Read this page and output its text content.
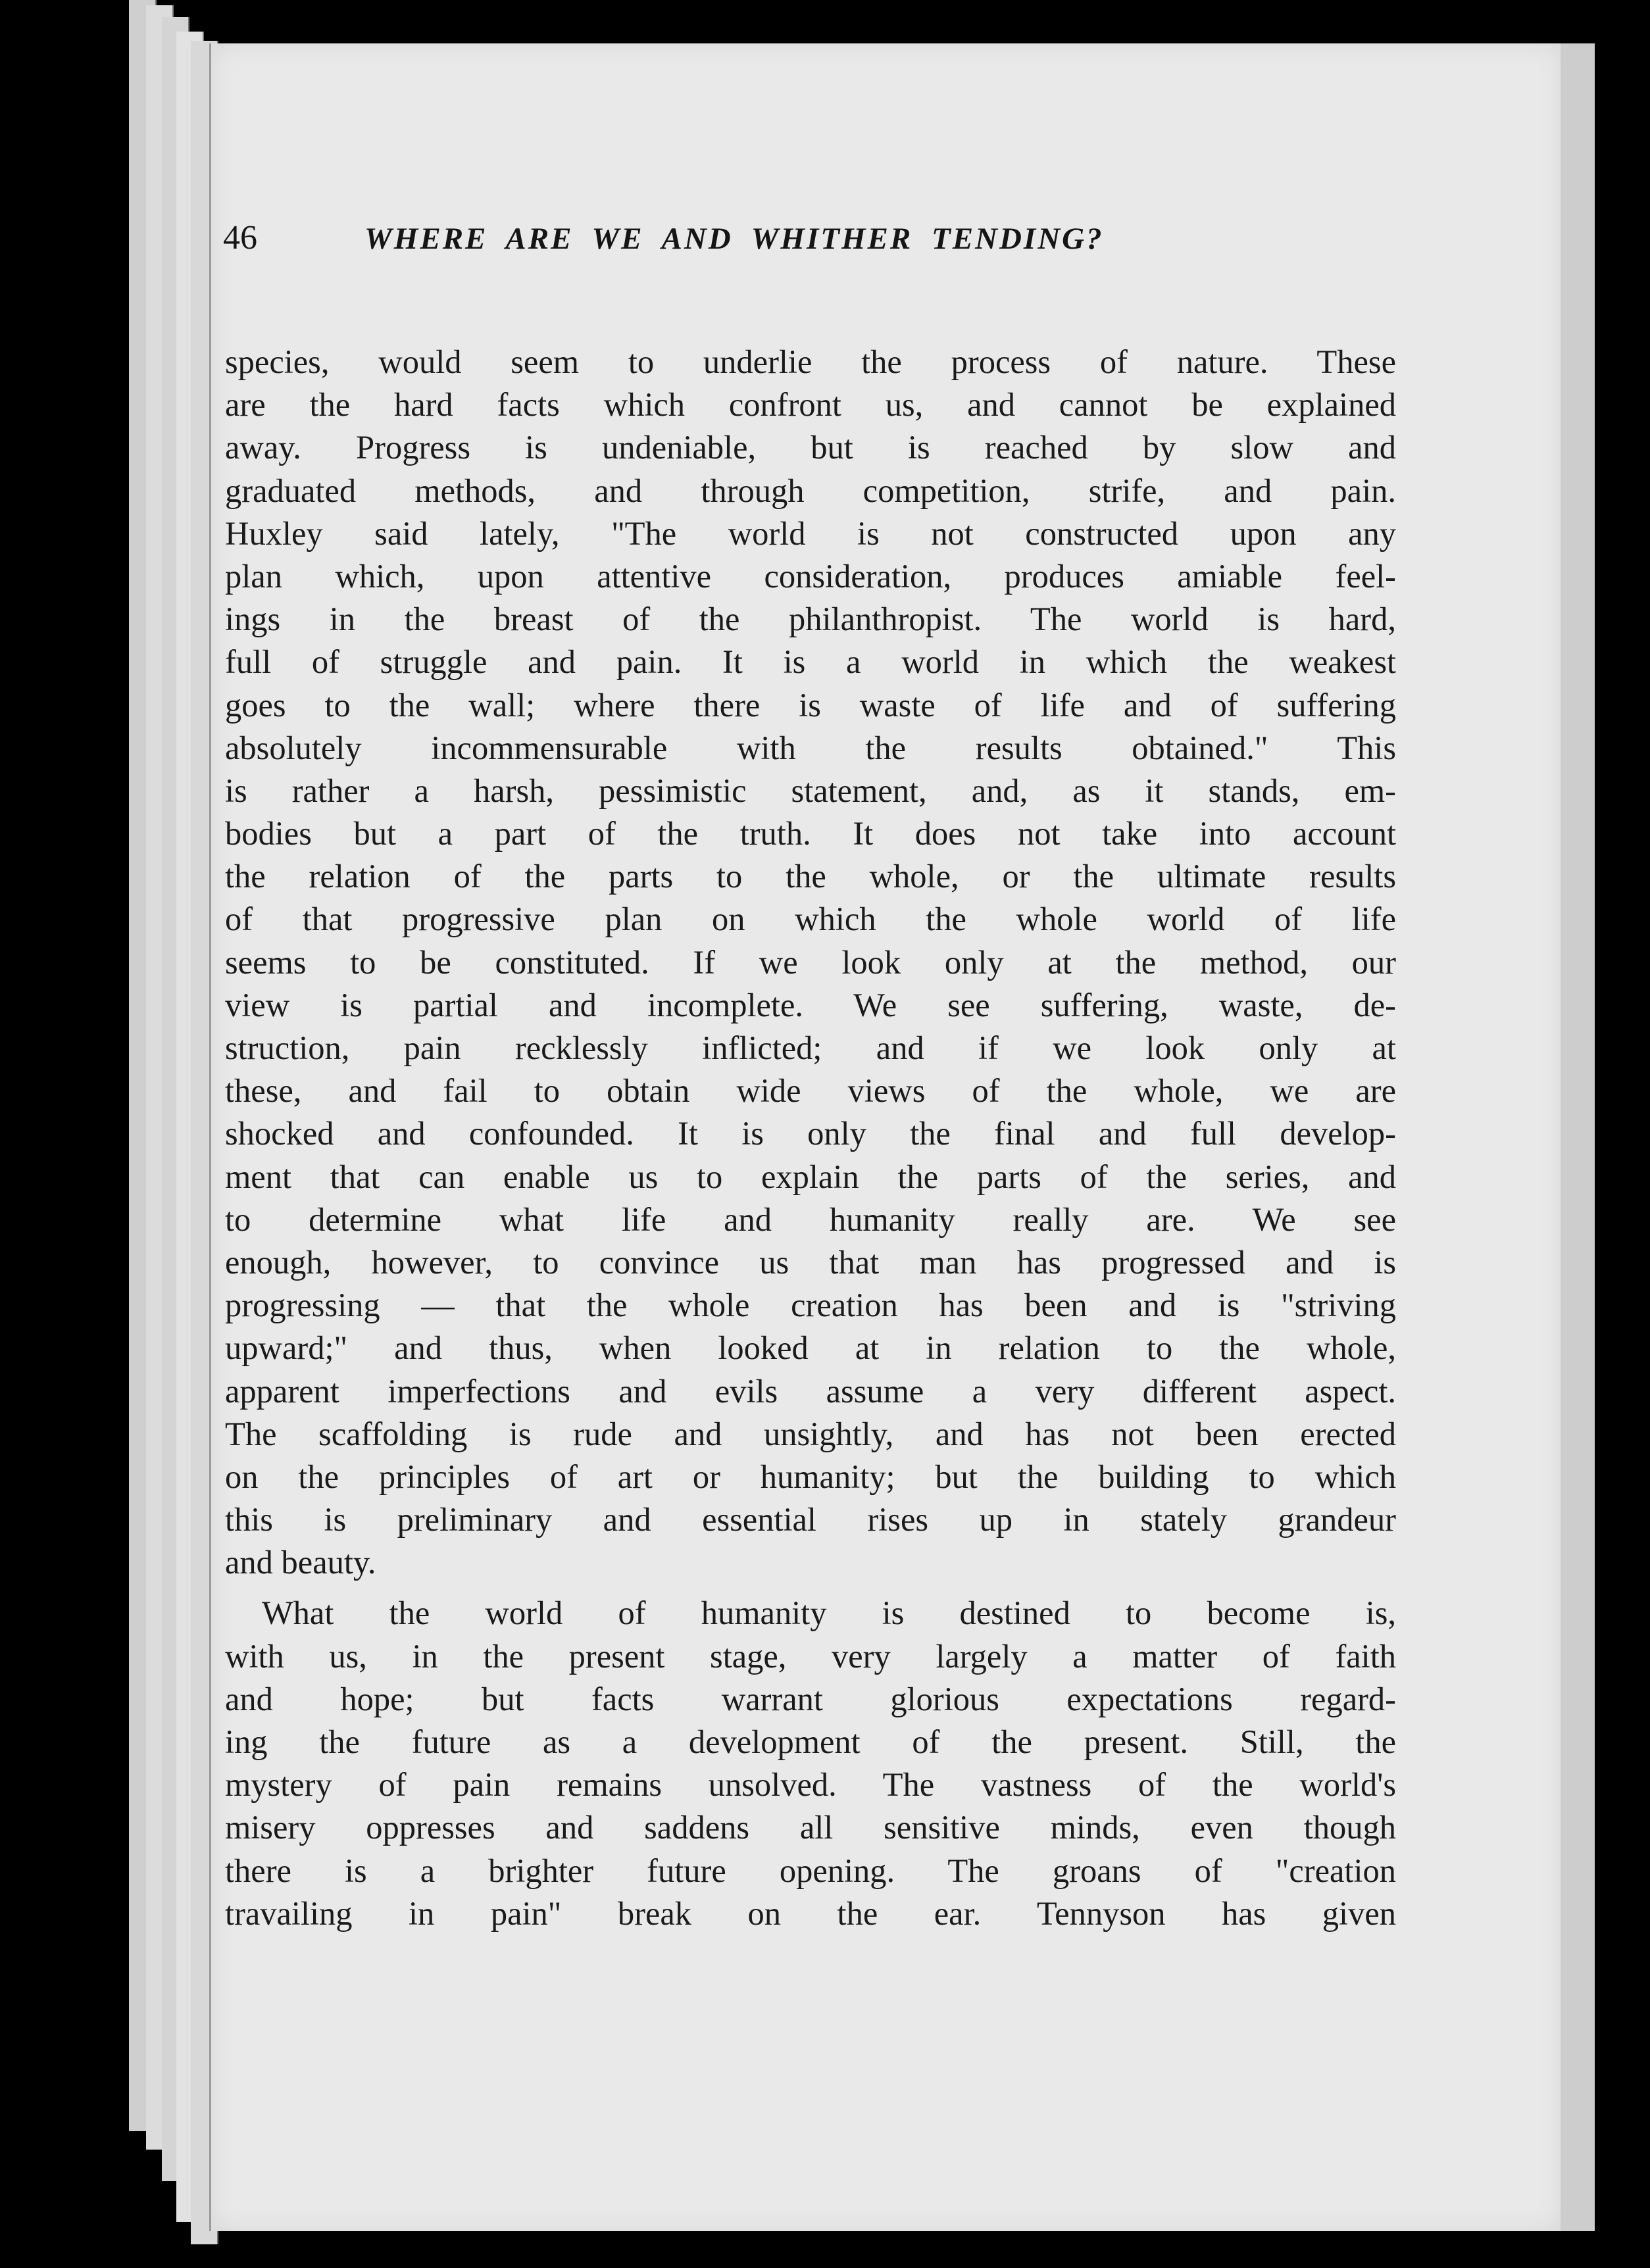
46	WHERE ARE WE AND WHITHER TENDING?
species, would seem to underlie the process of nature. These
are the hard facts which confront us, and cannot be explained
away. Progress is undeniable, but is reached by slow and
graduated methods, and through competition, strife, and pain.
Huxley said lately, "The world is not constructed upon any
plan which, upon attentive consideration, produces amiable feel-
ings in the breast of the philanthropist. The world is hard,
full of struggle and pain. It is a world in which the weakest
goes to the wall; where there is waste of life and of suffering
absolutely incommensurable with the results obtained." This
is rather a harsh, pessimistic statement, and, as it stands, em-
bodies but a part of the truth. It does not take into account
the relation of the parts to the whole, or the ultimate results
of that progressive plan on which the whole world of life
seems to be constituted. If we look only at the method, our
view is partial and incomplete. We see suffering, waste, de-
struction, pain recklessly inflicted; and if we look only at
these, and fail to obtain wide views of the whole, we are
shocked and confounded. It is only the final and full develop-
ment that can enable us to explain the parts of the series, and
to determine what life and humanity really are. We see
enough, however, to convince us that man has progressed and is
progressing — that the whole creation has been and is "striving
upward;" and thus, when looked at in relation to the whole,
apparent imperfections and evils assume a very different aspect.
The scaffolding is rude and unsightly, and has not been erected
on the principles of art or humanity; but the building to which
this is preliminary and essential rises up in stately grandeur
and beauty.
What the world of humanity is destined to become is,
with us, in the present stage, very largely a matter of faith
and hope; but facts warrant glorious expectations regard-
ing the future as a development of the present. Still, the
mystery of pain remains unsolved. The vastness of the world's
misery oppresses and saddens all sensitive minds, even though
there is a brighter future opening. The groans of "creation
travailing in pain" break on the ear. Tennyson has given
